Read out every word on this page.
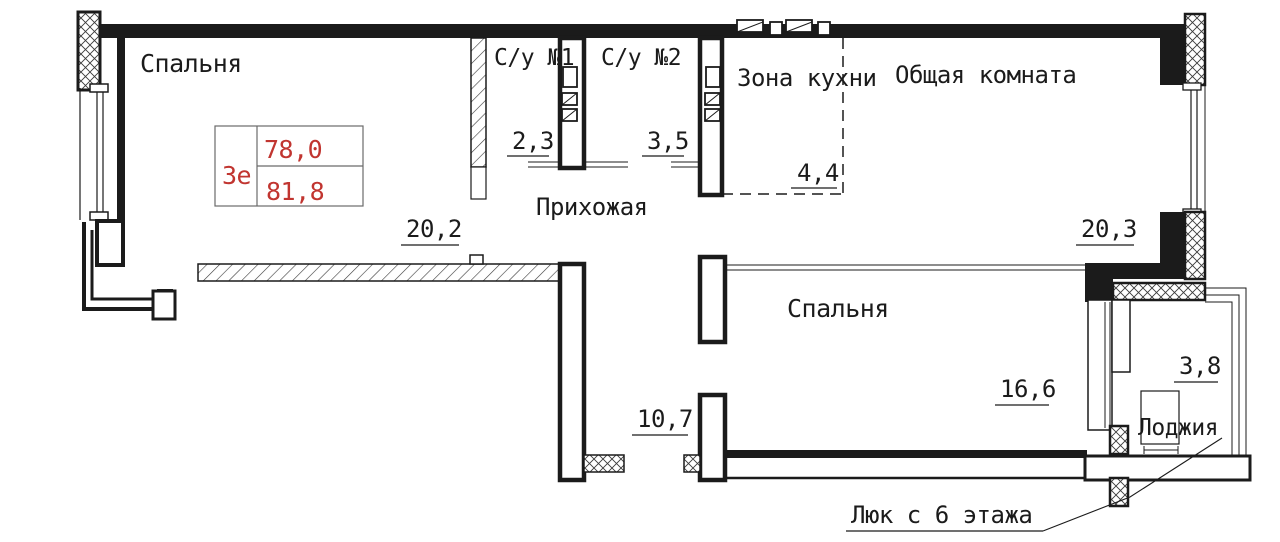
3е
78,0
81,8
Спальня
20,2
С/у №1
2,3
С/у №2
3,5
Прихожая
10,7
Зона кухни
4,4
Общая комната
20,3
Спальня
16,6
Лоджия
3,8
Люк с 6 этажа
